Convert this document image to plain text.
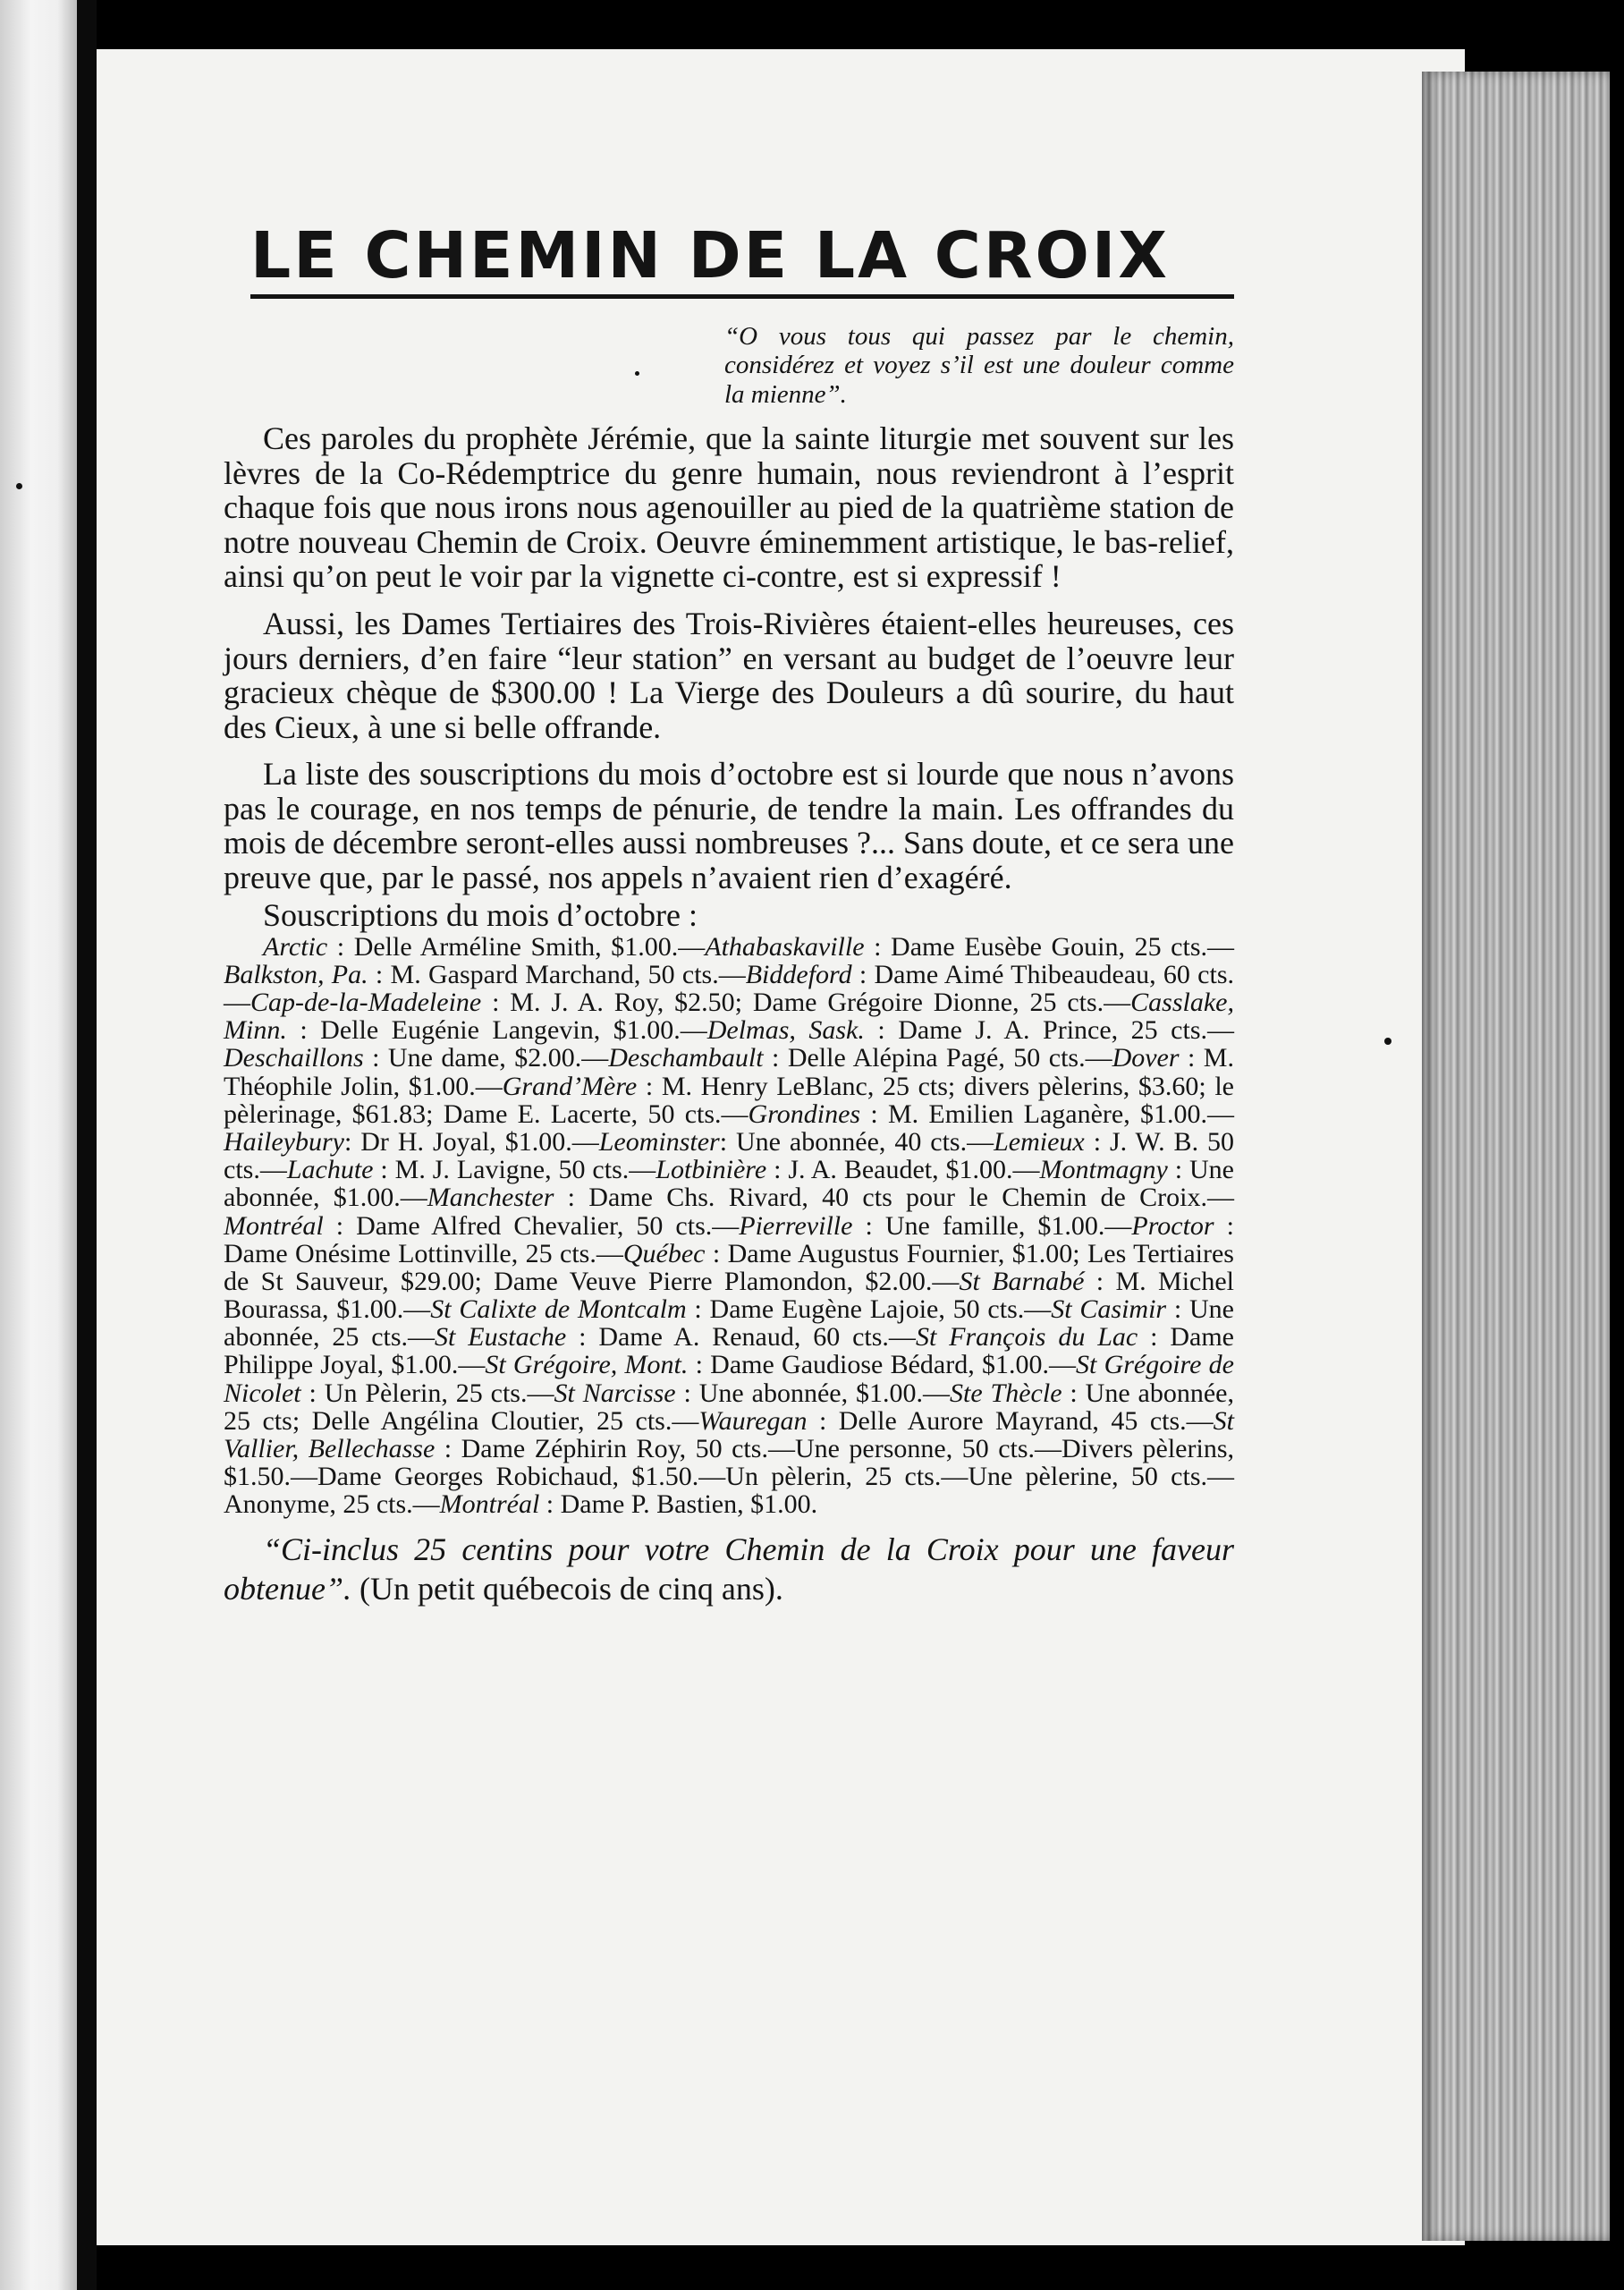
LE CHEMIN DE LA CROIX

“O vous tous qui passez par le chemin, considérez et voyez s’il est une douleur comme la mienne”.

Ces paroles du prophète Jérémie, que la sainte liturgie met souvent sur les lèvres de la Co-Rédemptrice du genre humain, nous reviendront à l’esprit chaque fois que nous irons nous agenouiller au pied de la quatrième station de notre nouveau Chemin de Croix. Oeuvre éminemment artistique, le bas-relief, ainsi qu’on peut le voir par la vignette ci-contre, est si expressif !

Aussi, les Dames Tertiaires des Trois-Rivières étaient-elles heureuses, ces jours derniers, d’en faire “leur station” en versant au budget de l’oeuvre leur gracieux chèque de $300.00 ! La Vierge des Douleurs a dû sourire, du haut des Cieux, à une si belle offrande.

La liste des souscriptions du mois d’octobre est si lourde que nous n’avons pas le courage, en nos temps de pénurie, de tendre la main. Les offrandes du mois de décembre seront-elles aussi nombreuses ?... Sans doute, et ce sera une preuve que, par le passé, nos appels n’avaient rien d’exagéré.

Souscriptions du mois d’octobre :

Arctic : Delle Arméline Smith, $1.00.—Athabaskaville : Dame Eusèbe Gouin, 25 cts.—Balkston, Pa. : M. Gaspard Marchand, 50 cts.—Biddeford : Dame Aimé Thibeaudeau, 60 cts.—Cap-de-la-Madeleine : M. J. A. Roy, $2.50; Dame Grégoire Dionne, 25 cts.—Casslake, Minn. : Delle Eugénie Langevin, $1.00.—Delmas, Sask. : Dame J. A. Prince, 25 cts.—Deschaillons : Une dame, $2.00.—Deschambault : Delle Alépina Pagé, 50 cts.—Dover : M. Théophile Jolin, $1.00.—Grand’Mère : M. Henry LeBlanc, 25 cts; divers pèlerins, $3.60; le pèlerinage, $61.83; Dame E. Lacerte, 50 cts.—Grondines : M. Emilien Laganère, $1.00.—Haileybury: Dr H. Joyal, $1.00.—Leominster: Une abonnée, 40 cts.—Lemieux : J. W. B. 50 cts.—Lachute : M. J. Lavigne, 50 cts.—Lotbinière : J. A. Beaudet, $1.00.—Montmagny : Une abonnée, $1.00.—Manchester : Dame Chs. Rivard, 40 cts pour le Chemin de Croix.—Montréal : Dame Alfred Chevalier, 50 cts.—Pierreville : Une famille, $1.00.—Proctor : Dame Onésime Lottinville, 25 cts.—Québec : Dame Augustus Fournier, $1.00; Les Tertiaires de St Sauveur, $29.00; Dame Veuve Pierre Plamondon, $2.00.—St Barnabé : M. Michel Bourassa, $1.00.—St Calixte de Montcalm : Dame Eugène Lajoie, 50 cts.—St Casimir : Une abonnée, 25 cts.—St Eustache : Dame A. Renaud, 60 cts.—St François du Lac : Dame Philippe Joyal, $1.00.—St Grégoire, Mont. : Dame Gaudiose Bédard, $1.00.—St Grégoire de Nicolet : Un Pèlerin, 25 cts.—St Narcisse : Une abonnée, $1.00.—Ste Thècle : Une abonnée, 25 cts; Delle Angélina Cloutier, 25 cts.—Wauregan : Delle Aurore Mayrand, 45 cts.—St Vallier, Bellechasse : Dame Zéphirin Roy, 50 cts.—Une personne, 50 cts.—Divers pèlerins, $1.50.—Dame Georges Robichaud, $1.50.—Un pèlerin, 25 cts.—Une pèlerine, 50 cts.—Anonyme, 25 cts.—Montréal : Dame P. Bastien, $1.00.

“Ci-inclus 25 centins pour votre Chemin de la Croix pour une faveur obtenue”. (Un petit québecois de cinq ans).
